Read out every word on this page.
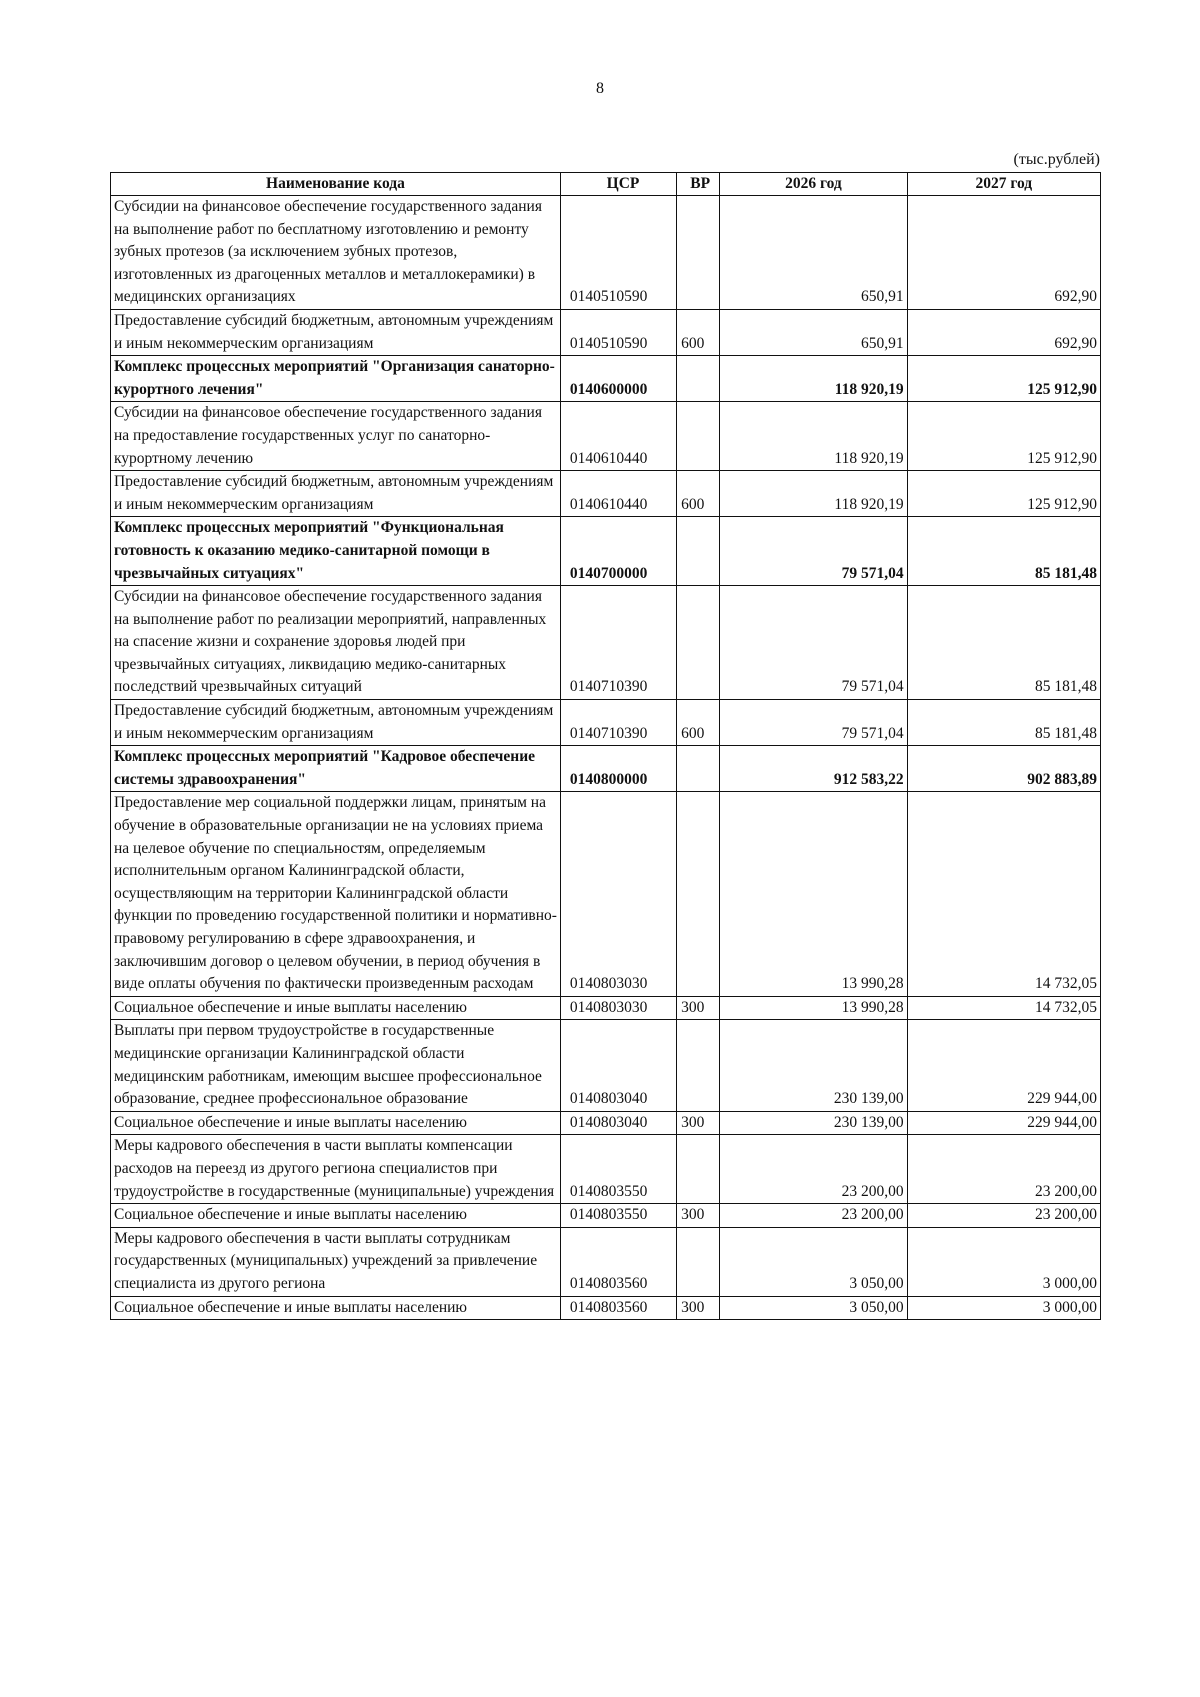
8
(тыс.рублей)
Наименование кода	ЦСР	ВР	2026 год	2027 год
Субсидии на финансовое обеспечение государственного задания на выполнение работ по бесплатному изготовлению и ремонту зубных протезов (за исключением зубных протезов, изготовленных из драгоценных металлов и металлокерамики) в медицинских организациях	0140510590		650,91	692,90
Предоставление субсидий бюджетным, автономным учреждениям и иным некоммерческим организациям	0140510590	600	650,91	692,90
Комплекс процессных мероприятий "Организация санаторно-курортного лечения"	0140600000		118 920,19	125 912,90
Субсидии на финансовое обеспечение государственного задания на предоставление государственных услуг по санаторно-курортному лечению	0140610440		118 920,19	125 912,90
Предоставление субсидий бюджетным, автономным учреждениям и иным некоммерческим организациям	0140610440	600	118 920,19	125 912,90
Комплекс процессных мероприятий "Функциональная готовность к оказанию медико-санитарной помощи в чрезвычайных ситуациях"	0140700000		79 571,04	85 181,48
Субсидии на финансовое обеспечение государственного задания на выполнение работ по реализации мероприятий, направленных на спасение жизни и сохранение здоровья людей при чрезвычайных ситуациях, ликвидацию медико-санитарных последствий чрезвычайных ситуаций	0140710390		79 571,04	85 181,48
Предоставление субсидий бюджетным, автономным учреждениям и иным некоммерческим организациям	0140710390	600	79 571,04	85 181,48
Комплекс процессных мероприятий "Кадровое обеспечение системы здравоохранения"	0140800000		912 583,22	902 883,89
Предоставление мер социальной поддержки лицам, принятым на обучение в образовательные организации не на условиях приема на целевое обучение по специальностям, определяемым исполнительным органом Калининградской области, осуществляющим на территории Калининградской области функции по проведению государственной политики и нормативно-правовому регулированию в сфере здравоохранения, и заключившим договор о целевом обучении, в период обучения в виде оплаты обучения по фактически произведенным расходам	0140803030		13 990,28	14 732,05
Социальное обеспечение и иные выплаты населению	0140803030	300	13 990,28	14 732,05
Выплаты при первом трудоустройстве в государственные медицинские организации Калининградской области медицинским работникам, имеющим высшее профессиональное образование, среднее профессиональное образование	0140803040		230 139,00	229 944,00
Социальное обеспечение и иные выплаты населению	0140803040	300	230 139,00	229 944,00
Меры кадрового обеспечения в части выплаты компенсации расходов на переезд из другого региона специалистов при трудоустройстве в государственные (муниципальные) учреждения	0140803550		23 200,00	23 200,00
Социальное обеспечение и иные выплаты населению	0140803550	300	23 200,00	23 200,00
Меры кадрового обеспечения в части выплаты сотрудникам государственных (муниципальных) учреждений за привлечение специалиста из другого региона	0140803560		3 050,00	3 000,00
Социальное обеспечение и иные выплаты населению	0140803560	300	3 050,00	3 000,00
